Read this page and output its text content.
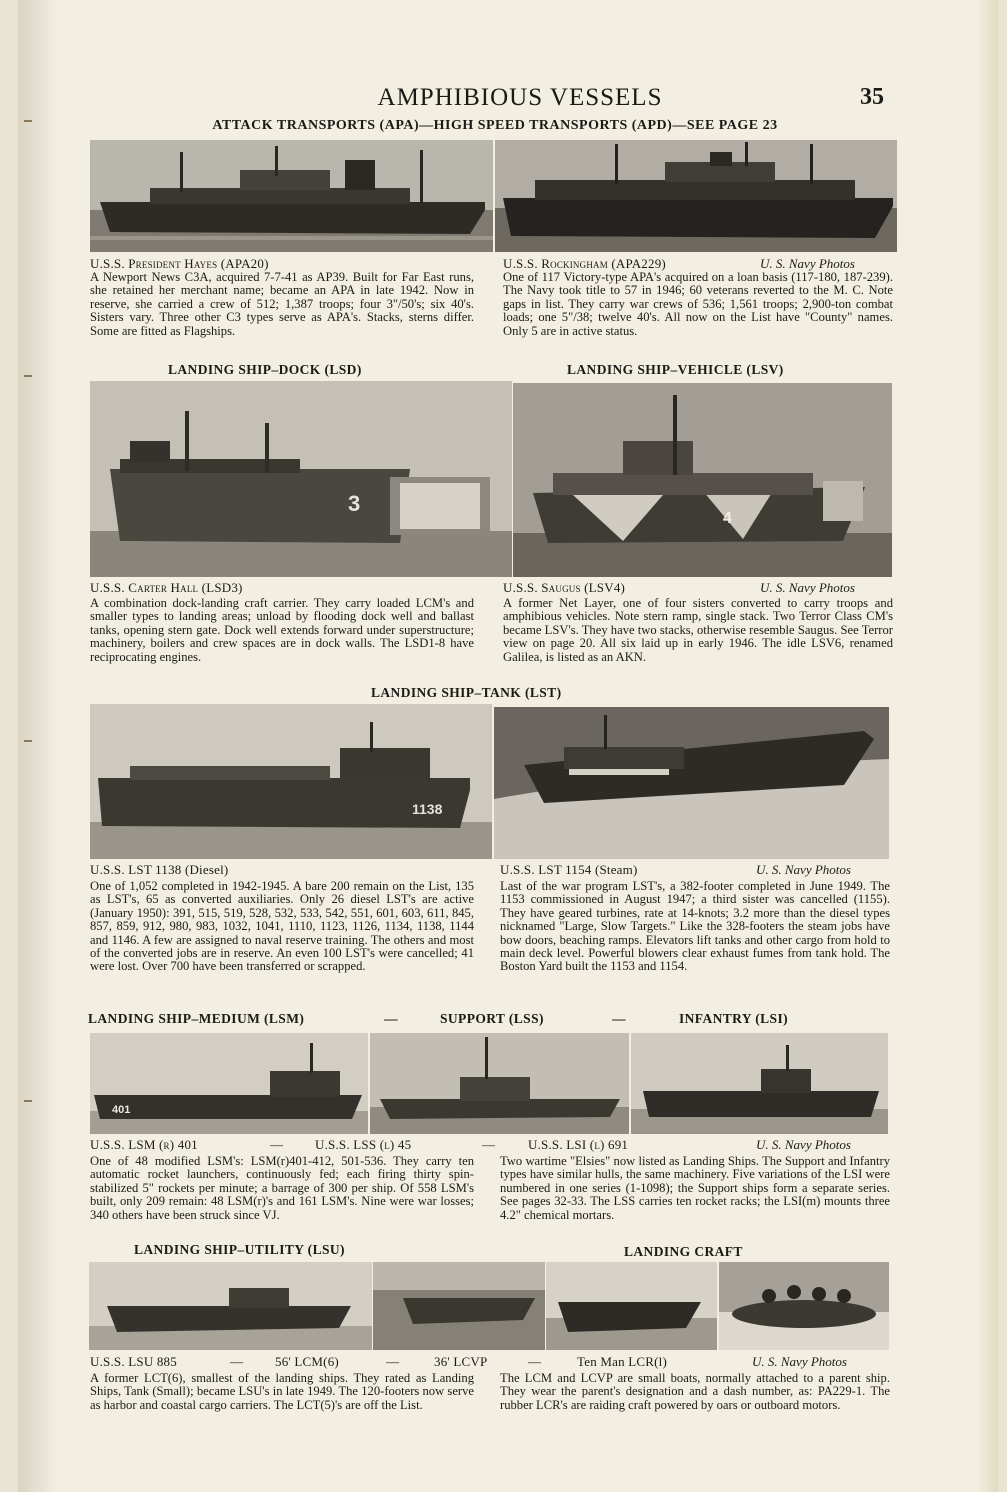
AMPHIBIOUS VESSELS	35
ATTACK TRANSPORTS (APA)—HIGH SPEED TRANSPORTS (APD)—SEE PAGE 23
U.S.S. President Hayes (APA20)	U.S.S. Rockingham (APA229)	U. S. Navy Photos
A Newport News C3A, acquired 7-7-41 as AP39. Built for Far East runs, she retained her merchant name; became an APA in late 1942. Now in reserve, she carried a crew of 512; 1,387 troops; four 3"/50's; six 40's. Sisters vary. Three other C3 types serve as APA's. Stacks, sterns differ. Some are fitted as Flagships.
One of 117 Victory-type APA's acquired on a loan basis (117-180, 187-239). The Navy took title to 57 in 1946; 60 veterans reverted to the M. C. Note gaps in list. They carry war crews of 536; 1,561 troops; 2,900-ton combat loads; one 5"/38; twelve 40's. All now on the List have "County" names. Only 5 are in active status.
LANDING SHIP–DOCK (LSD)	LANDING SHIP–VEHICLE (LSV)
3
4
U.S.S. Carter Hall (LSD3)	U.S.S. Saugus (LSV4)	U. S. Navy Photos
A combination dock-landing craft carrier. They carry loaded LCM's and smaller types to landing areas; unload by flooding dock well and ballast tanks, opening stern gate. Dock well extends forward under superstructure; machinery, boilers and crew spaces are in dock walls. The LSD1-8 have reciprocating engines.
A former Net Layer, one of four sisters converted to carry troops and amphibious vehicles. Note stern ramp, single stack. Two Terror Class CM's became LSV's. They have two stacks, otherwise resemble Saugus. See Terror view on page 20. All six laid up in early 1946. The idle LSV6, renamed Galilea, is listed as an AKN.
LANDING SHIP–TANK (LST)
1138
U.S.S. LST 1138 (Diesel)	U.S.S. LST 1154 (Steam)	U. S. Navy Photos
One of 1,052 completed in 1942-1945. A bare 200 remain on the List, 135 as LST's, 65 as converted auxiliaries. Only 26 diesel LST's are active (January 1950): 391, 515, 519, 528, 532, 533, 542, 551, 601, 603, 611, 845, 857, 859, 912, 980, 983, 1032, 1041, 1110, 1123, 1126, 1134, 1138, 1144 and 1146. A few are assigned to naval reserve training. The others and most of the converted jobs are in reserve. An even 100 LST's were cancelled; 41 were lost. Over 700 have been transferred or scrapped.
Last of the war program LST's, a 382-footer completed in June 1949. The 1153 commissioned in August 1947; a third sister was cancelled (1155). They have geared turbines, rate at 14-knots; 3.2 more than the diesel types nicknamed "Large, Slow Targets." Like the 328-footers the steam jobs have bow doors, beaching ramps. Elevators lift tanks and other cargo from hold to main deck level. Powerful blowers clear exhaust fumes from tank hold. The Boston Yard built the 1153 and 1154.
LANDING SHIP–MEDIUM (LSM)	—	SUPPORT (LSS)	—	INFANTRY (LSI)
401
U.S.S. LSM (r) 401	— U.S.S. LSS (l) 45	—	U.S.S. LSI (l) 691	U. S. Navy Photos
One of 48 modified LSM's: LSM(r)401-412, 501-536. They carry ten automatic rocket launchers, continuously fed; each firing thirty spin-stabilized 5" rockets per minute; a barrage of 300 per ship. Of 558 LSM's built, only 209 remain: 48 LSM(r)'s and 161 LSM's. Nine were war losses; 340 others have been struck since VJ.
Two wartime "Elsies" now listed as Landing Ships. The Support and Infantry types have similar hulls, the same machinery. Five variations of the LSI were numbered in one series (1-1098); the Support ships form a separate series. See pages 32-33. The LSS carries ten rocket racks; the LSI(m) mounts three 4.2" chemical mortars.
LANDING SHIP–UTILITY (LSU)	LANDING CRAFT
U.S.S. LSU 885	— 56' LCM(6)	—	36' LCVP	—	Ten Man LCR(l)	U. S. Navy Photos
A former LCT(6), smallest of the landing ships. They rated as Landing Ships, Tank (Small); became LSU's in late 1949. The 120-footers now serve as harbor and coastal cargo carriers. The LCT(5)'s are off the List.
The LCM and LCVP are small boats, normally attached to a parent ship. They wear the parent's designation and a dash number, as: PA229-1. The rubber LCR's are raiding craft powered by oars or outboard motors.
